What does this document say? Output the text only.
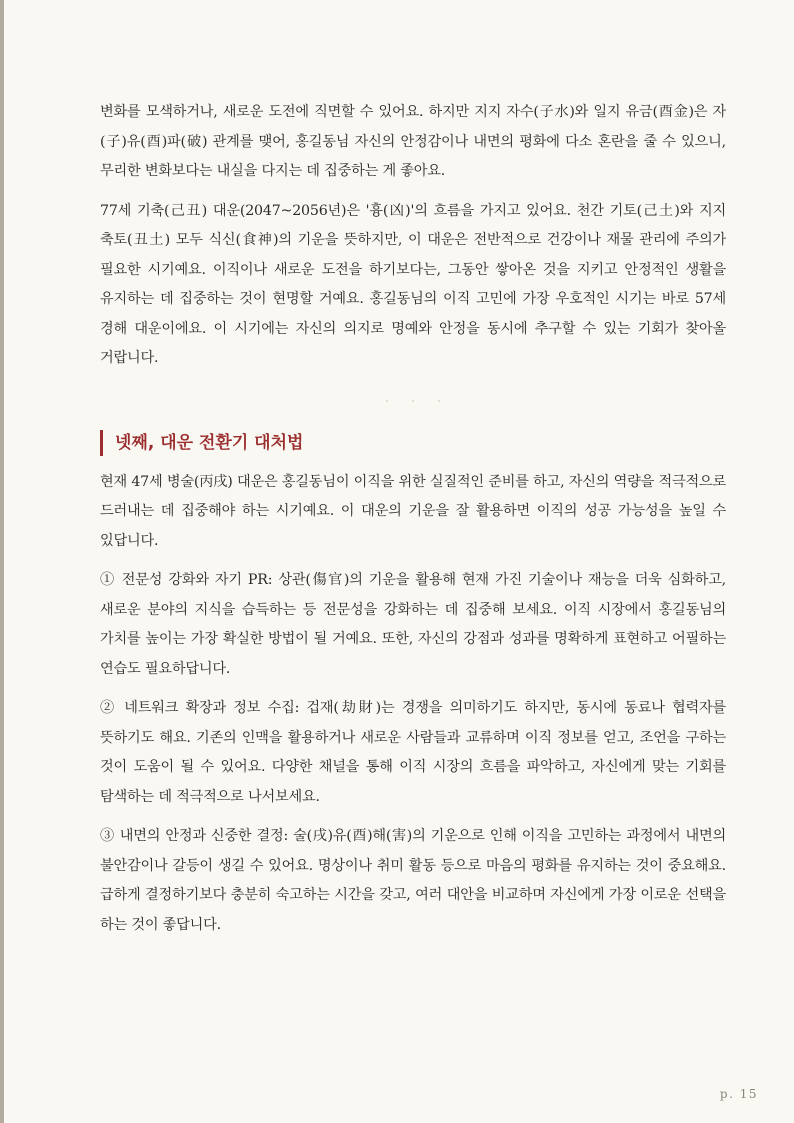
변화를 모색하거나, 새로운 도전에 직면할 수 있어요. 하지만 지지 자수(子水)와 일지 유금(酉金)은 자(子)유(酉)파(破) 관계를 맺어, 홍길동님 자신의 안정감이나 내면의 평화에 다소 혼란을 줄 수 있으니, 무리한 변화보다는 내실을 다지는 데 집중하는 게 좋아요.

77세 기축(己丑) 대운(2047~2056년)은 '흉(凶)'의 흐름을 가지고 있어요. 천간 기토(己土)와 지지 축토(丑土) 모두 식신(食神)의 기운을 뜻하지만, 이 대운은 전반적으로 건강이나 재물 관리에 주의가 필요한 시기예요. 이직이나 새로운 도전을 하기보다는, 그동안 쌓아온 것을 지키고 안정적인 생활을 유지하는 데 집중하는 것이 현명할 거예요. 홍길동님의 이직 고민에 가장 우호적인 시기는 바로 57세 경해 대운이에요. 이 시기에는 자신의 의지로 명예와 안정을 동시에 추구할 수 있는 기회가 찾아올 거랍니다.

넷째, 대운 전환기 대처법

현재 47세 병술(丙戌) 대운은 홍길동님이 이직을 위한 실질적인 준비를 하고, 자신의 역량을 적극적으로 드러내는 데 집중해야 하는 시기예요. 이 대운의 기운을 잘 활용하면 이직의 성공 가능성을 높일 수 있답니다.

① 전문성 강화와 자기 PR: 상관(傷官)의 기운을 활용해 현재 가진 기술이나 재능을 더욱 심화하고, 새로운 분야의 지식을 습득하는 등 전문성을 강화하는 데 집중해 보세요. 이직 시장에서 홍길동님의 가치를 높이는 가장 확실한 방법이 될 거예요. 또한, 자신의 강점과 성과를 명확하게 표현하고 어필하는 연습도 필요하답니다.

② 네트워크 확장과 정보 수집: 겁재(劫財)는 경쟁을 의미하기도 하지만, 동시에 동료나 협력자를 뜻하기도 해요. 기존의 인맥을 활용하거나 새로운 사람들과 교류하며 이직 정보를 얻고, 조언을 구하는 것이 도움이 될 수 있어요. 다양한 채널을 통해 이직 시장의 흐름을 파악하고, 자신에게 맞는 기회를 탐색하는 데 적극적으로 나서보세요.

③ 내면의 안정과 신중한 결정: 술(戌)유(酉)해(害)의 기운으로 인해 이직을 고민하는 과정에서 내면의 불안감이나 갈등이 생길 수 있어요. 명상이나 취미 활동 등으로 마음의 평화를 유지하는 것이 중요해요. 급하게 결정하기보다 충분히 숙고하는 시간을 갖고, 여러 대안을 비교하며 자신에게 가장 이로운 선택을 하는 것이 좋답니다.

p. 15
